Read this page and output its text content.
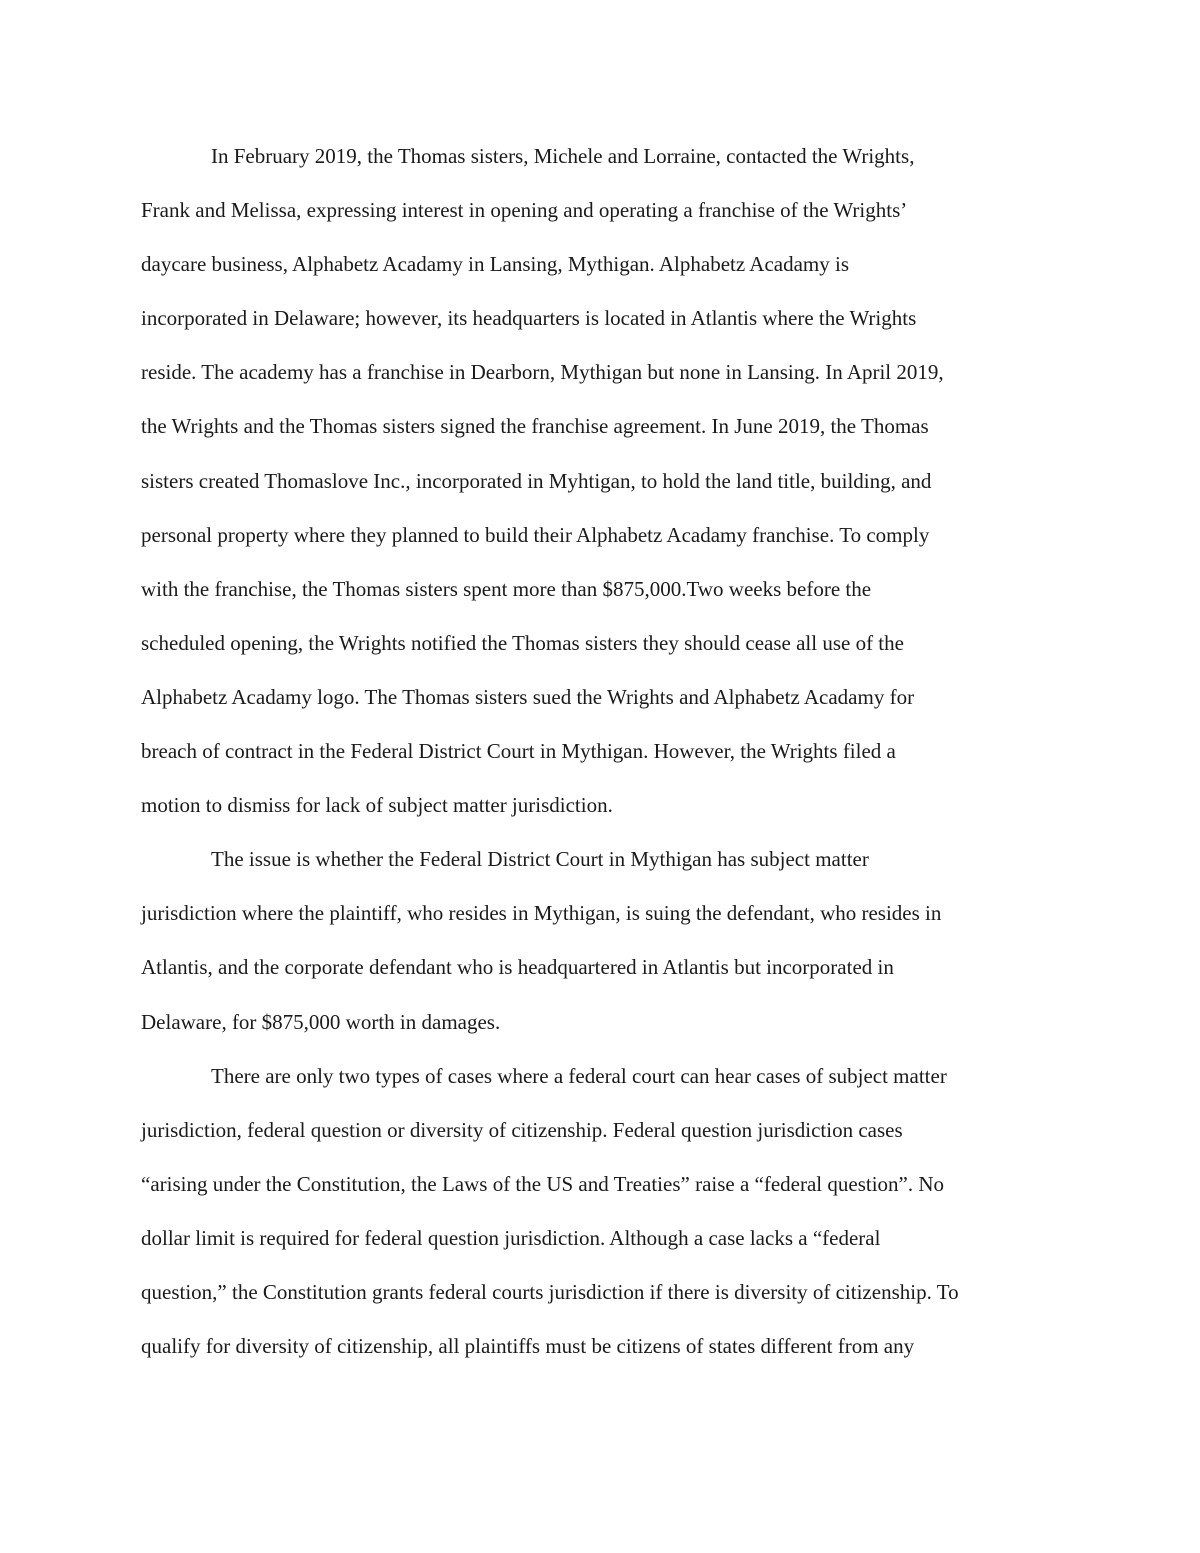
In February 2019, the Thomas sisters, Michele and Lorraine, contacted the Wrights,
Frank and Melissa, expressing interest in opening and operating a franchise of the Wrights’
daycare business, Alphabetz Acadamy in Lansing, Mythigan. Alphabetz Acadamy is
incorporated in Delaware; however, its headquarters is located in Atlantis where the Wrights
reside. The academy has a franchise in Dearborn, Mythigan but none in Lansing. In April 2019,
the Wrights and the Thomas sisters signed the franchise agreement. In June 2019, the Thomas
sisters created Thomaslove Inc., incorporated in Myhtigan, to hold the land title, building, and
personal property where they planned to build their Alphabetz Acadamy franchise. To comply
with the franchise, the Thomas sisters spent more than $875,000.Two weeks before the
scheduled opening, the Wrights notified the Thomas sisters they should cease all use of the
Alphabetz Acadamy logo. The Thomas sisters sued the Wrights and Alphabetz Acadamy for
breach of contract in the Federal District Court in Mythigan. However, the Wrights filed a
motion to dismiss for lack of subject matter jurisdiction.
The issue is whether the Federal District Court in Mythigan has subject matter
jurisdiction where the plaintiff, who resides in Mythigan, is suing the defendant, who resides in
Atlantis, and the corporate defendant who is headquartered in Atlantis but incorporated in
Delaware, for $875,000 worth in damages.
There are only two types of cases where a federal court can hear cases of subject matter
jurisdiction, federal question or diversity of citizenship. Federal question jurisdiction cases
“arising under the Constitution, the Laws of the US and Treaties” raise a “federal question”. No
dollar limit is required for federal question jurisdiction. Although a case lacks a “federal
question,” the Constitution grants federal courts jurisdiction if there is diversity of citizenship. To
qualify for diversity of citizenship, all plaintiffs must be citizens of states different from any
